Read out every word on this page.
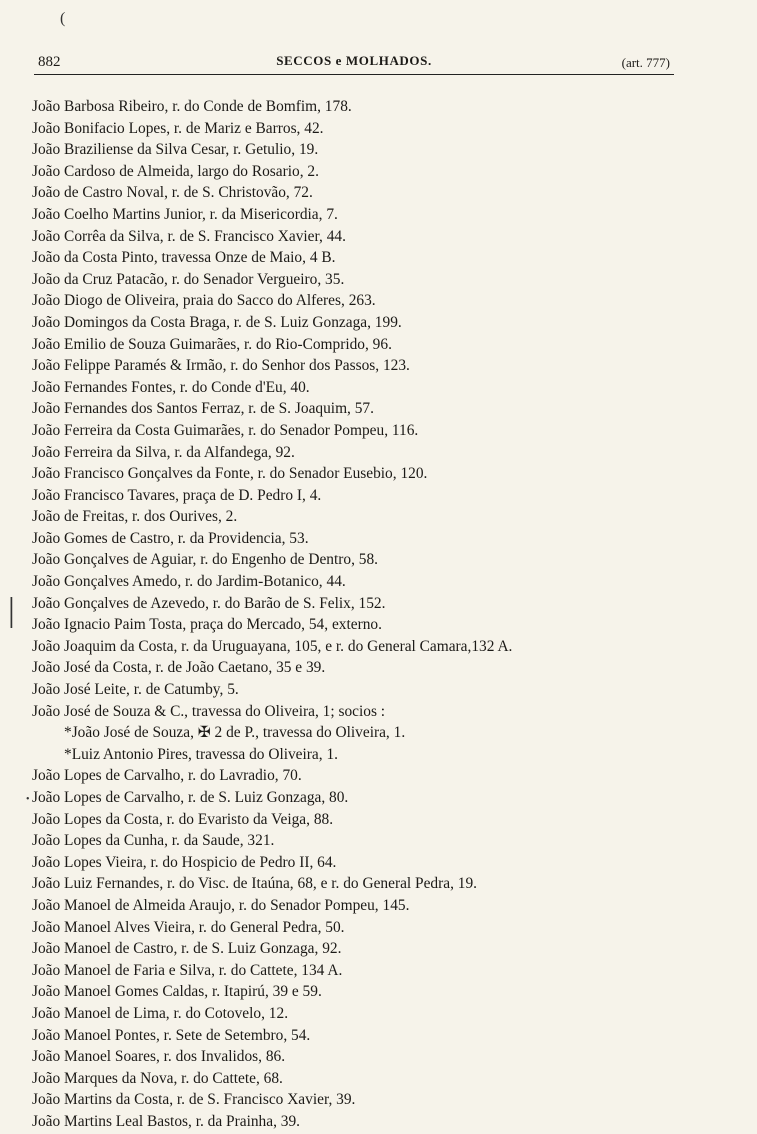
(
|
•
882	SECCOS e MOLHADOS.	(art. 777)
João Barbosa Ribeiro, r. do Conde de Bomfim, 178.
João Bonifacio Lopes, r. de Mariz e Barros, 42.
João Braziliense da Silva Cesar, r. Getulio, 19.
João Cardoso de Almeida, largo do Rosario, 2.
João de Castro Noval, r. de S. Christovão, 72.
João Coelho Martins Junior, r. da Misericordia, 7.
João Corrêa da Silva, r. de S. Francisco Xavier, 44.
João da Costa Pinto, travessa Onze de Maio, 4 B.
João da Cruz Patacão, r. do Senador Vergueiro, 35.
João Diogo de Oliveira, praia do Sacco do Alferes, 263.
João Domingos da Costa Braga, r. de S. Luiz Gonzaga, 199.
João Emilio de Souza Guimarães, r. do Rio-Comprido, 96.
João Felippe Paramés & Irmão, r. do Senhor dos Passos, 123.
João Fernandes Fontes, r. do Conde d'Eu, 40.
João Fernandes dos Santos Ferraz, r. de S. Joaquim, 57.
João Ferreira da Costa Guimarães, r. do Senador Pompeu, 116.
João Ferreira da Silva, r. da Alfandega, 92.
João Francisco Gonçalves da Fonte, r. do Senador Eusebio, 120.
João Francisco Tavares, praça de D. Pedro I, 4.
João de Freitas, r. dos Ourives, 2.
João Gomes de Castro, r. da Providencia, 53.
João Gonçalves de Aguiar, r. do Engenho de Dentro, 58.
João Gonçalves Amedo, r. do Jardim-Botanico, 44.
João Gonçalves de Azevedo, r. do Barão de S. Felix, 152.
João Ignacio Paim Tosta, praça do Mercado, 54, externo.
João Joaquim da Costa, r. da Uruguayana, 105, e r. do General Camara,132 A.
João José da Costa, r. de João Caetano, 35 e 39.
João José Leite, r. de Catumby, 5.
João José de Souza & C., travessa do Oliveira, 1; socios :
*João José de Souza, ✠ 2 de P., travessa do Oliveira, 1.
*Luiz Antonio Pires, travessa do Oliveira, 1.
João Lopes de Carvalho, r. do Lavradio, 70.
João Lopes de Carvalho, r. de S. Luiz Gonzaga, 80.
João Lopes da Costa, r. do Evaristo da Veiga, 88.
João Lopes da Cunha, r. da Saude, 321.
João Lopes Vieira, r. do Hospicio de Pedro II, 64.
João Luiz Fernandes, r. do Visc. de Itaúna, 68, e r. do General Pedra, 19.
João Manoel de Almeida Araujo, r. do Senador Pompeu, 145.
João Manoel Alves Vieira, r. do General Pedra, 50.
João Manoel de Castro, r. de S. Luiz Gonzaga, 92.
João Manoel de Faria e Silva, r. do Cattete, 134 A.
João Manoel Gomes Caldas, r. Itapirú, 39 e 59.
João Manoel de Lima, r. do Cotovelo, 12.
João Manoel Pontes, r. Sete de Setembro, 54.
João Manoel Soares, r. dos Invalidos, 86.
João Marques da Nova, r. do Cattete, 68.
João Martins da Costa, r. de S. Francisco Xavier, 39.
João Martins Leal Bastos, r. da Prainha, 39.
